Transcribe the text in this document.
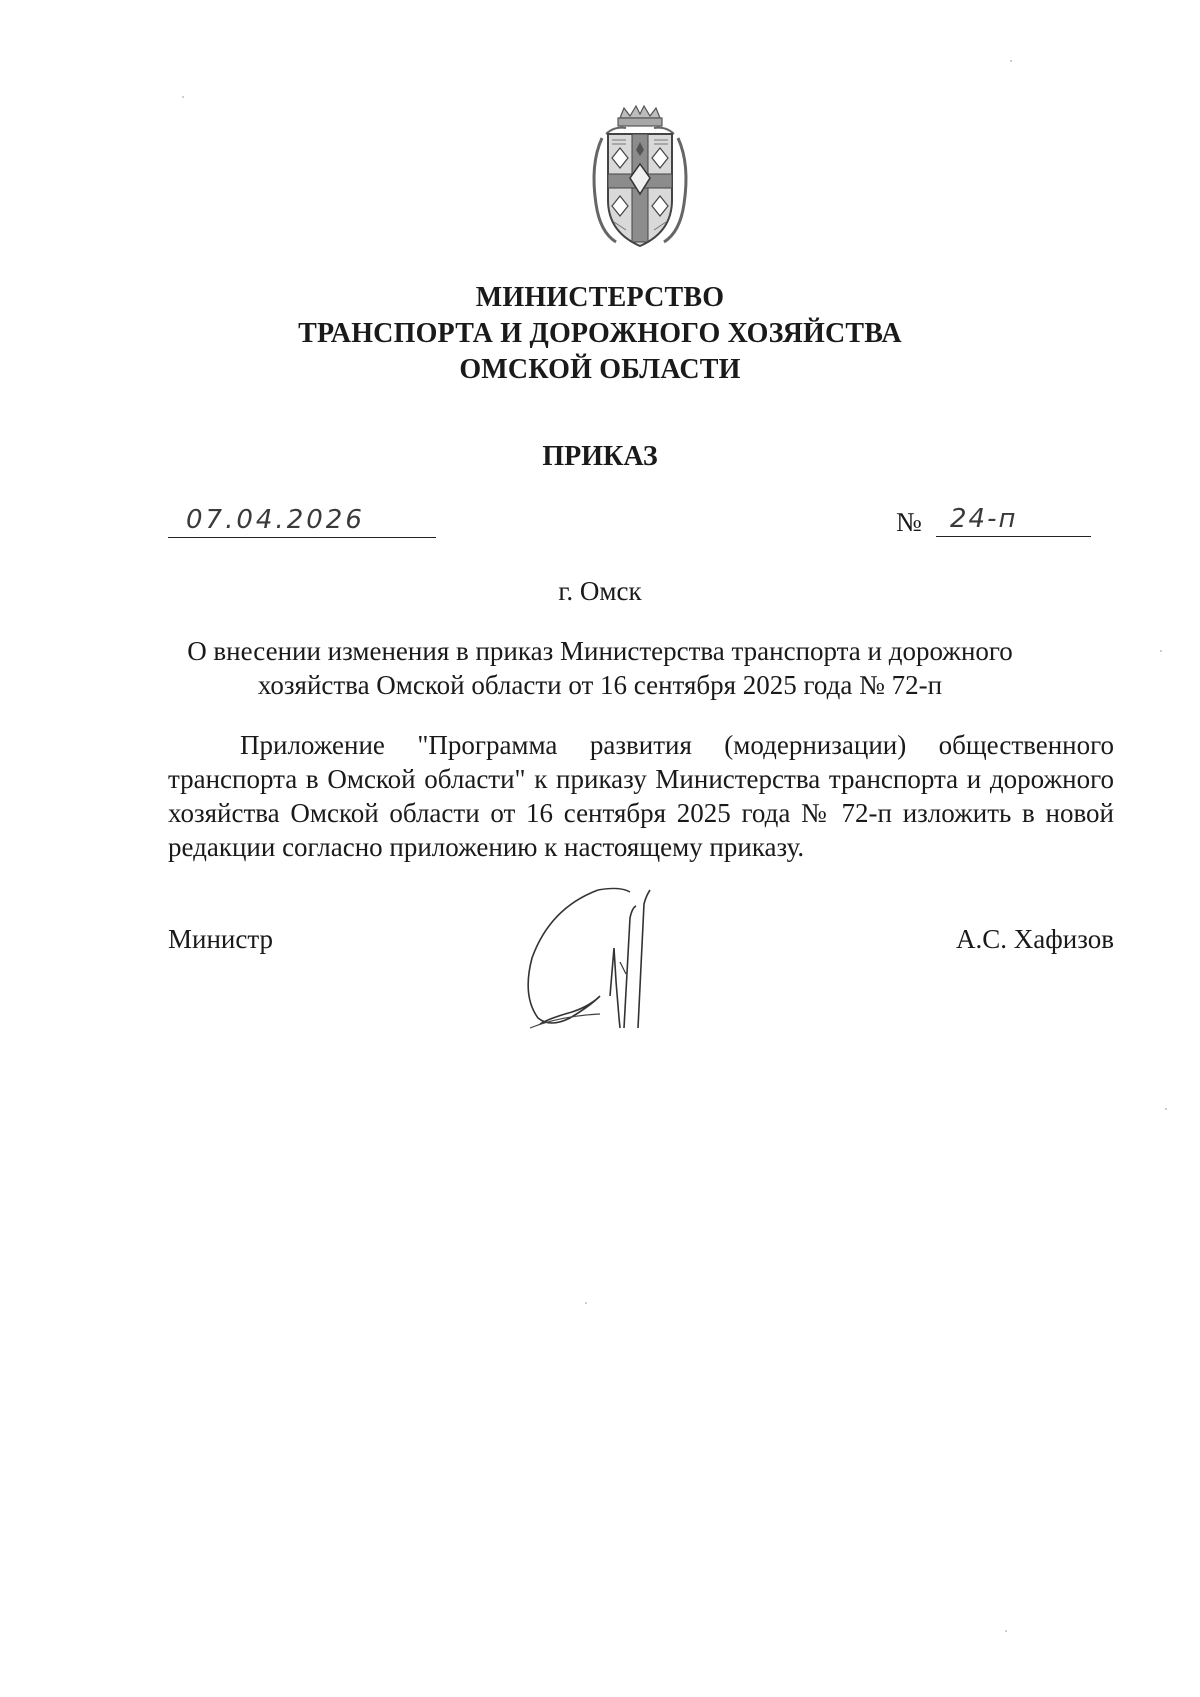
МИНИСТЕРСТВО
ТРАНСПОРТА И ДОРОЖНОГО ХОЗЯЙСТВА
ОМСКОЙ ОБЛАСТИ
ПРИКАЗ
07.04.2026	№ 24-п
г. Омск
О внесении изменения в приказ Министерства транспорта и дорожного
хозяйства Омской области от 16 сентября 2025 года № 72-п
Приложение "Программа развития (модернизации) общественного транспорта в Омской области" к приказу Министерства транспорта и дорожного хозяйства Омской области от 16 сентября 2025 года № 72-п изложить в новой редакции согласно приложению к настоящему приказу.
Министр	А.С. Хафизов
